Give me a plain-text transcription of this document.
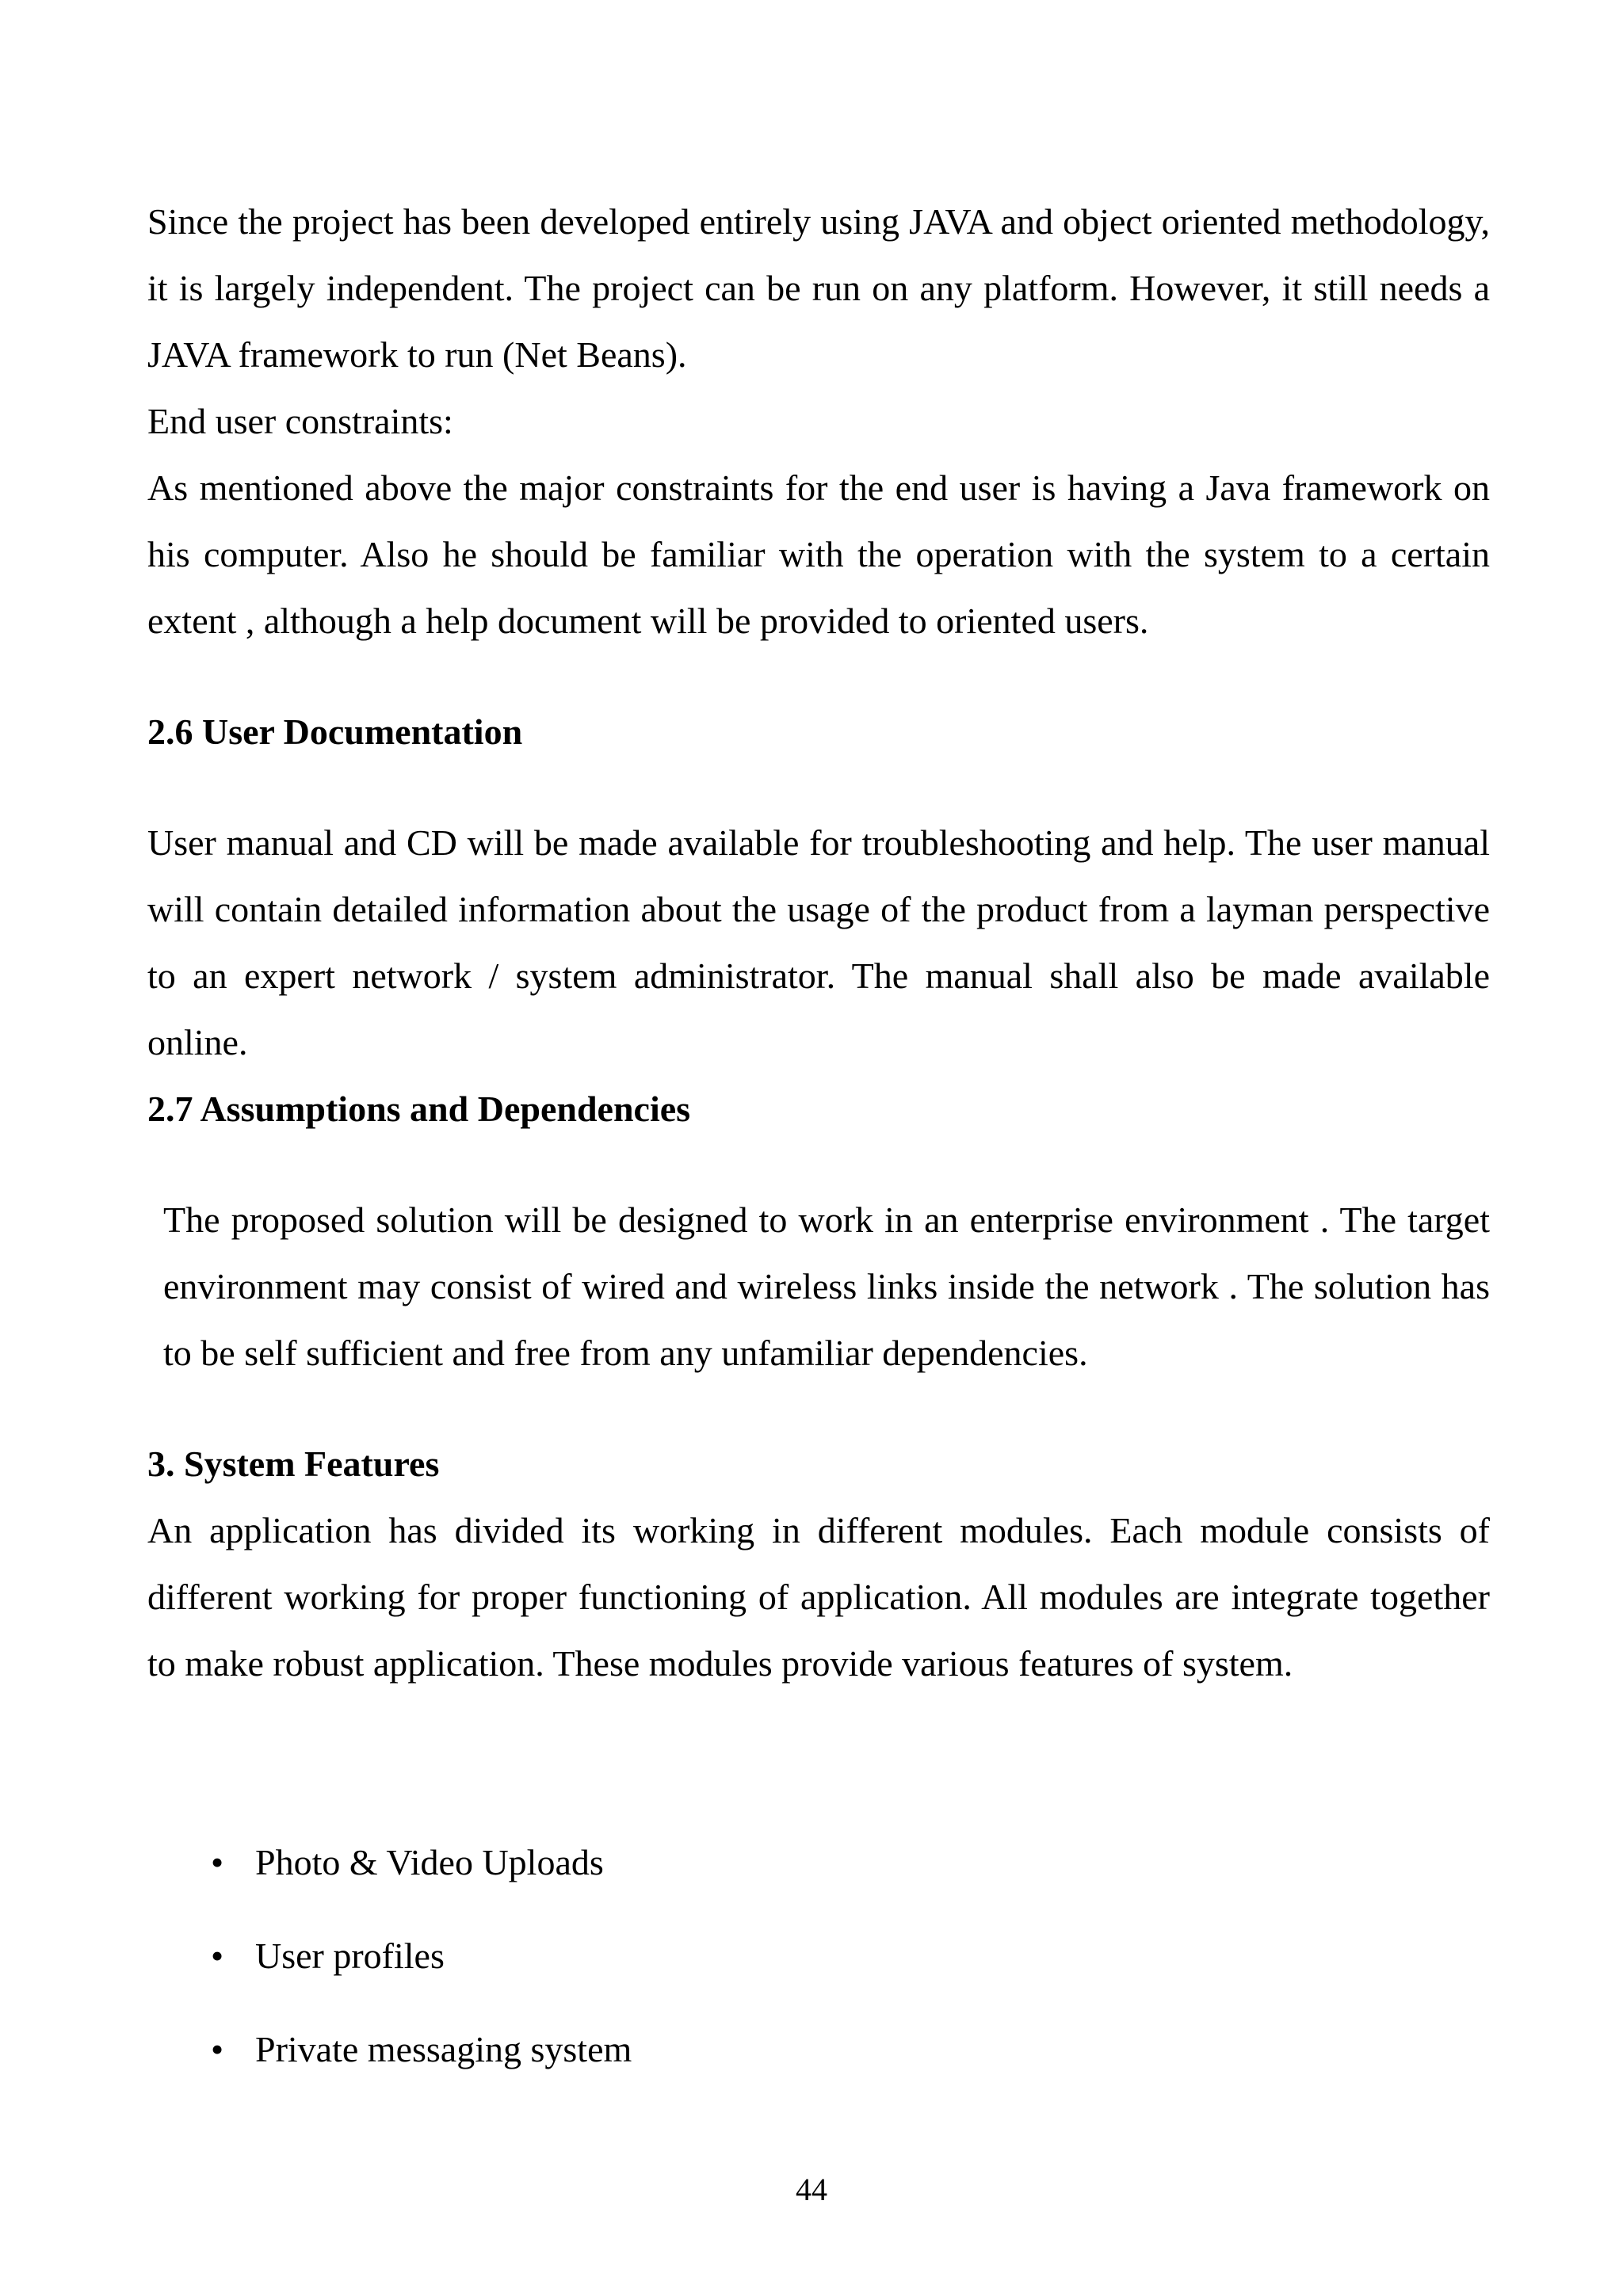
Since the project has been developed entirely using JAVA and object oriented methodology, it is largely independent. The project can be run on any platform. However, it still needs a JAVA framework to run (Net Beans).

End user constraints:

As mentioned above the major constraints for the end user is having a Java framework on his computer. Also he should be familiar with the operation with the system to a certain extent , although a help document will be provided to oriented users.

2.6 User Documentation

User manual and CD will be made available for troubleshooting and help. The user manual will contain detailed information about the usage of the product from a layman perspective to an expert network / system administrator. The manual shall also be made available online.

2.7 Assumptions and Dependencies

The proposed solution will be designed to work in an enterprise environment . The target environment may consist of wired and wireless links inside the network . The solution has to be self sufficient and free from any unfamiliar dependencies.

3. System Features

An application has divided its working in different modules. Each module consists of different working for proper functioning of application. All modules are integrate together to make robust application. These modules provide various features of system.

• Photo & Video Uploads
• User profiles
• Private messaging system
44
